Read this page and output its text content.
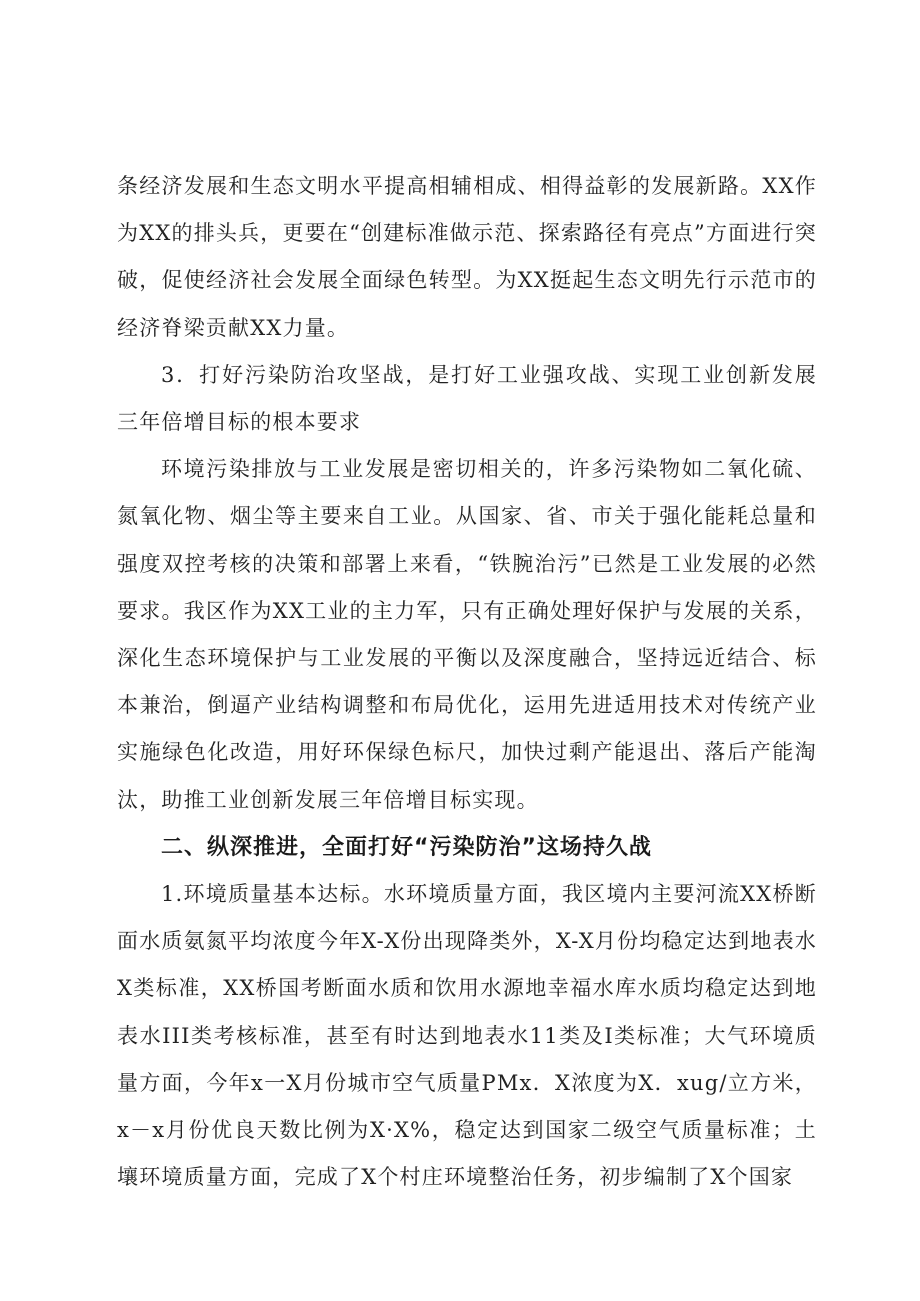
条经济发展和生态文明水平提高相辅相成、相得益彰的发展新路。XX作为XX的排头兵，更要在“创建标准做示范、探索路径有亮点”方面进行突破，促使经济社会发展全面绿色转型。为XX挺起生态文明先行示范市的经济脊梁贡献XX力量。

3．打好污染防治攻坚战，是打好工业强攻战、实现工业创新发展三年倍增目标的根本要求

环境污染排放与工业发展是密切相关的，许多污染物如二氧化硫、氮氧化物、烟尘等主要来自工业。从国家、省、市关于强化能耗总量和强度双控考核的决策和部署上来看，“铁腕治污”已然是工业发展的必然要求。我区作为XX工业的主力军，只有正确处理好保护与发展的关系，深化生态环境保护与工业发展的平衡以及深度融合，坚持远近结合、标本兼治，倒逼产业结构调整和布局优化，运用先进适用技术对传统产业实施绿色化改造，用好环保绿色标尺，加快过剩产能退出、落后产能淘汰，助推工业创新发展三年倍增目标实现。

二、纵深推进，全面打好“污染防治”这场持久战

1.环境质量基本达标。水环境质量方面，我区境内主要河流XX桥断面水质氨氮平均浓度今年X-X份出现降类外，X-X月份均稳定达到地表水X类标准，XX桥国考断面水质和饮用水源地幸福水库水质均稳定达到地表水III类考核标准，甚至有时达到地表水11类及I类标准；大气环境质量方面，今年x一X月份城市空气质量PMx．X浓度为X．xug/立方米，x－x月份优良天数比例为X·X%，稳定达到国家二级空气质量标准；土壤环境质量方面，完成了X个村庄环境整治任务，初步编制了X个国家
